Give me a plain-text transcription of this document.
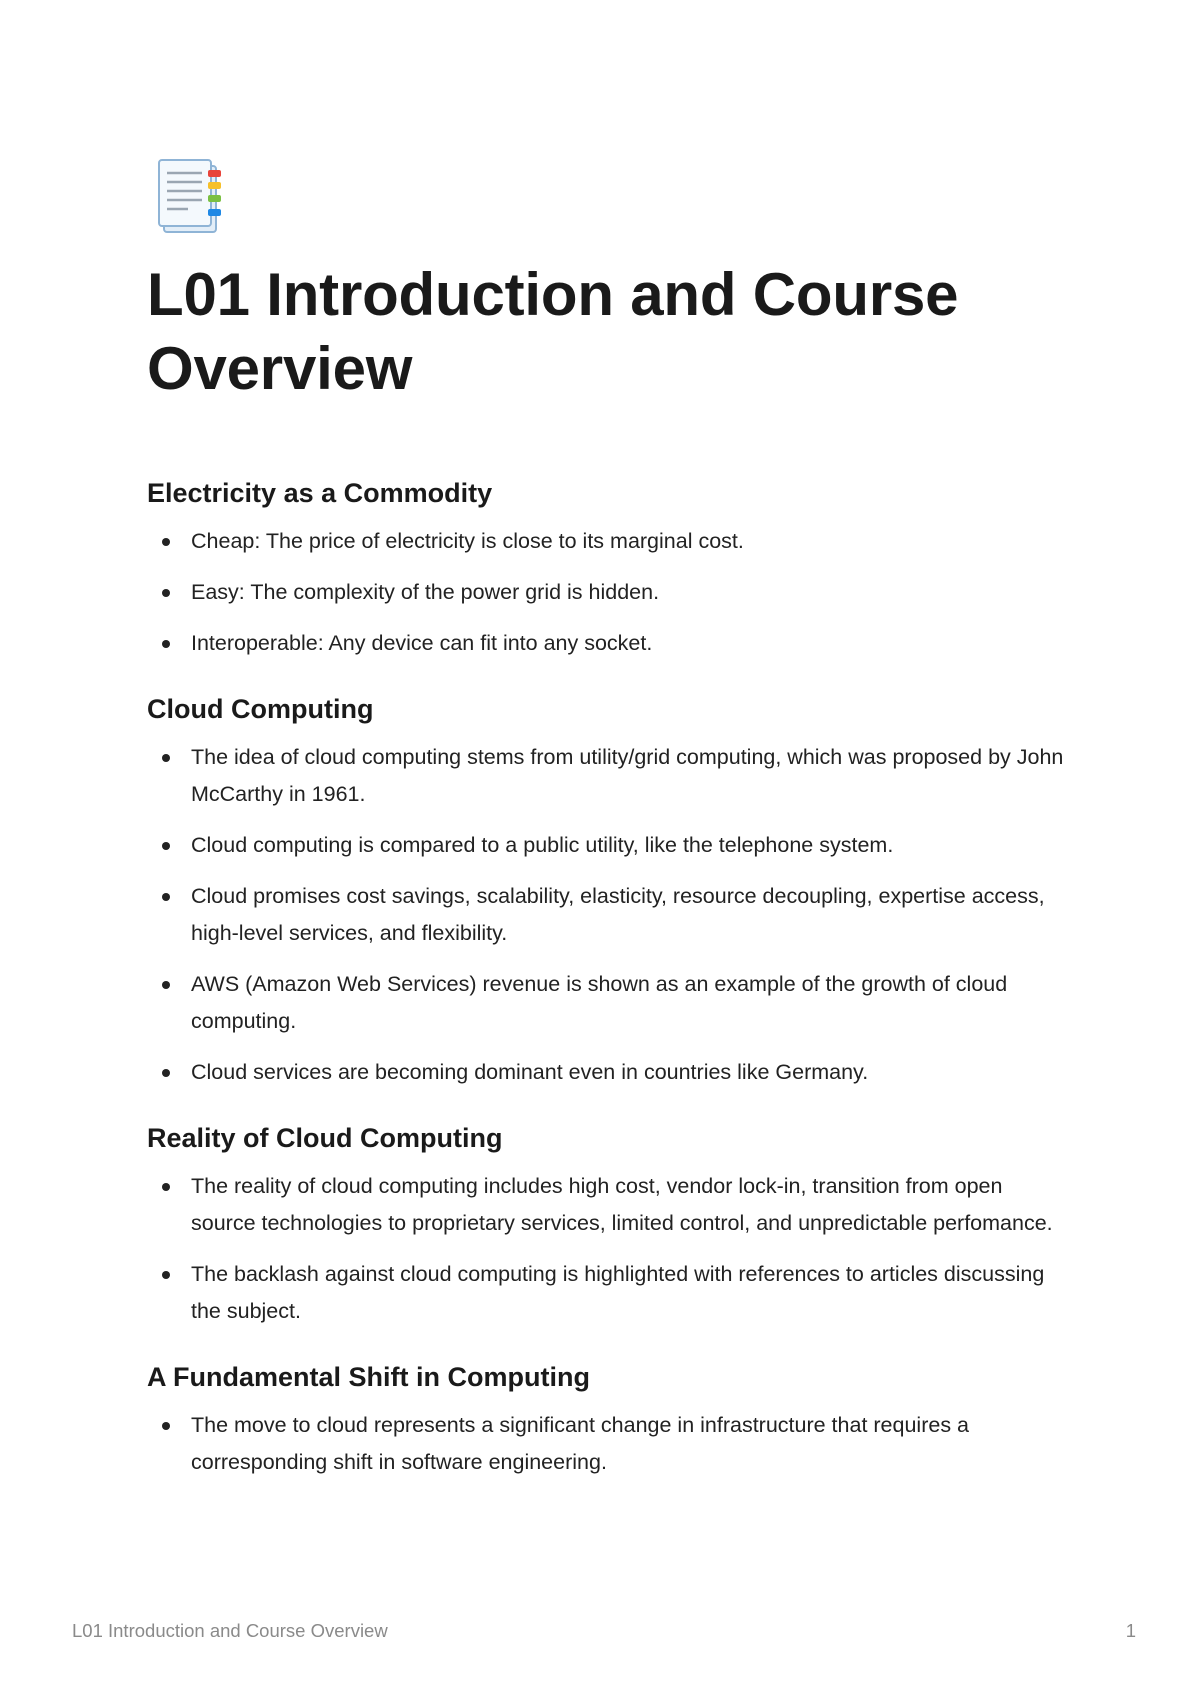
L01 Introduction and Course Overview
Electricity as a Commodity
Cheap: The price of electricity is close to its marginal cost.
Easy: The complexity of the power grid is hidden.
Interoperable: Any device can fit into any socket.
Cloud Computing
The idea of cloud computing stems from utility/grid computing, which was proposed by John McCarthy in 1961.
Cloud computing is compared to a public utility, like the telephone system.
Cloud promises cost savings, scalability, elasticity, resource decoupling, expertise access, high-level services, and flexibility.
AWS (Amazon Web Services) revenue is shown as an example of the growth of cloud computing.
Cloud services are becoming dominant even in countries like Germany.
Reality of Cloud Computing
The reality of cloud computing includes high cost, vendor lock-in, transition from open source technologies to proprietary services, limited control, and unpredictable perfomance.
The backlash against cloud computing is highlighted with references to articles discussing the subject.
A Fundamental Shift in Computing
The move to cloud represents a significant change in infrastructure that requires a corresponding shift in software engineering.
L01 Introduction and Course Overview	1
